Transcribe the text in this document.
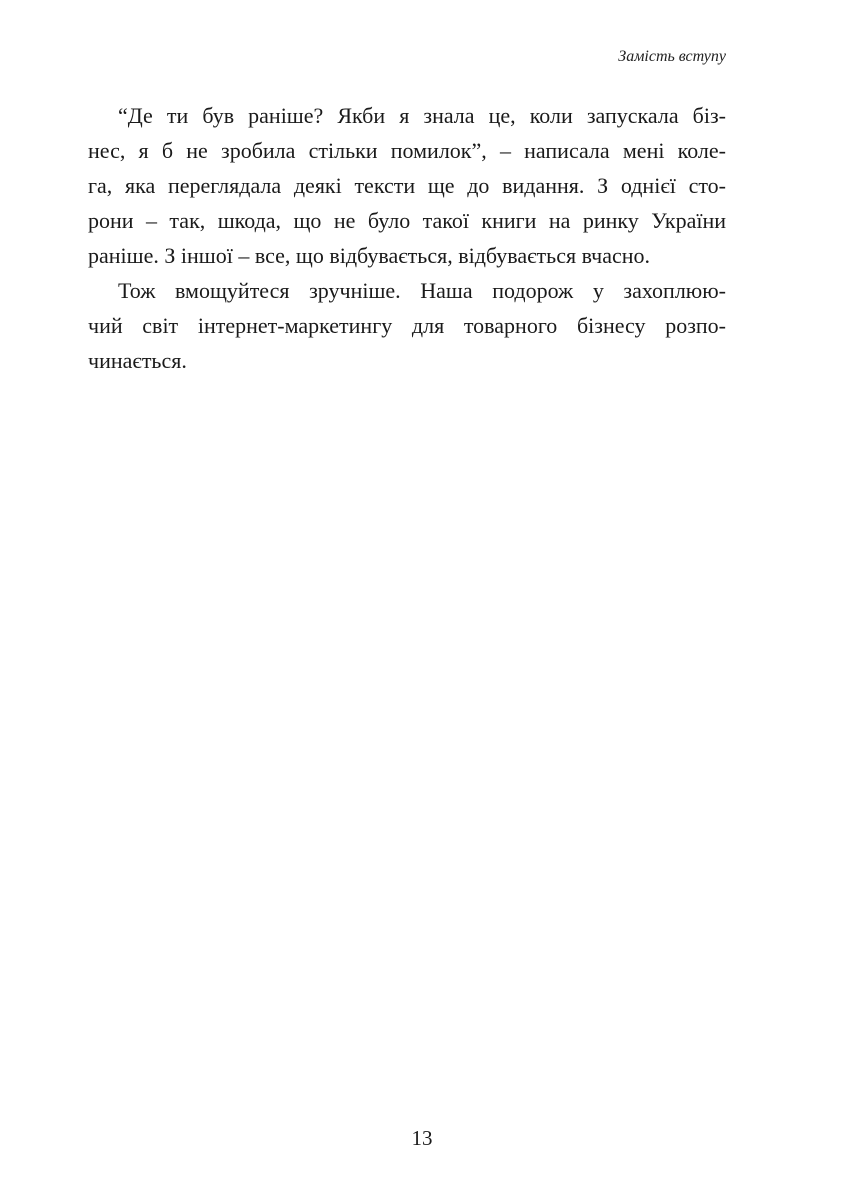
Замість вступу
“Де ти був раніше? Якби я знала це, коли запускала біз-
нес, я б не зробила стільки помилок”, – написала мені коле-
га, яка переглядала деякі тексти ще до видання. З однієї сто-
рони – так, шкода, що не було такої книги на ринку України
раніше. З іншої – все, що відбувається, відбувається вчасно.
Тож вмощуйтеся зручніше. Наша подорож у захоплюю-
чий світ інтернет-маркетингу для товарного бізнесу розпо-
чинається.
13
